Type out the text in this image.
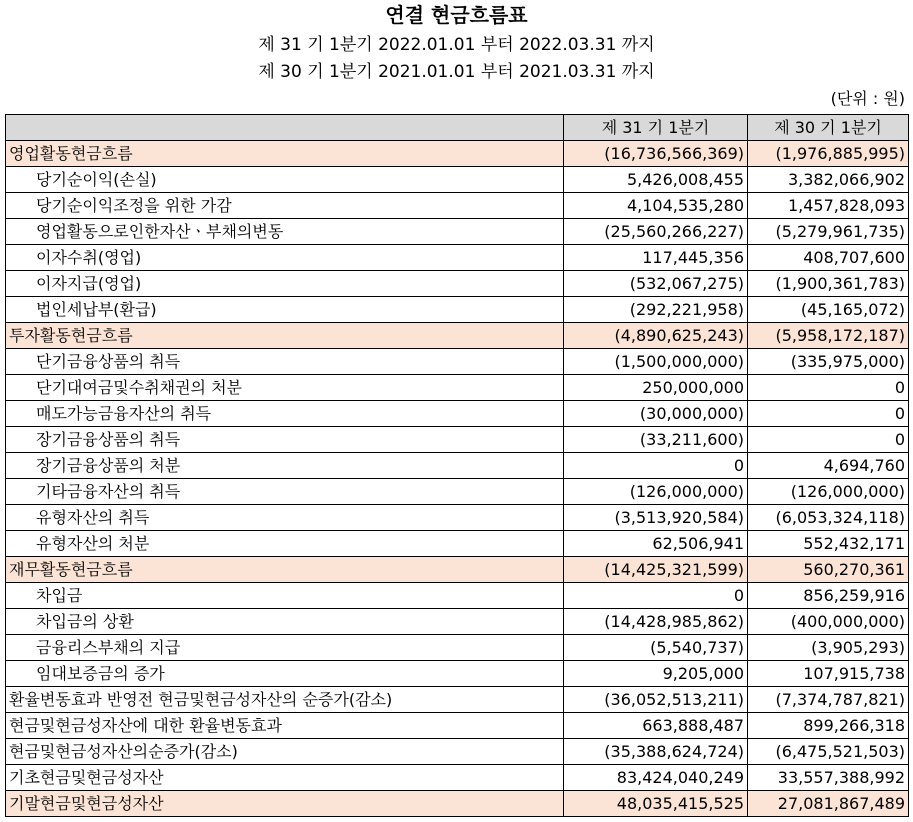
연결 현금흐름표
제 31 기 1분기 2022.01.01 부터 2022.03.31 까지
제 30 기 1분기 2021.01.01 부터 2021.03.31 까지
(단위 : 원)
	제 31 기 1분기	제 30 기 1분기
영업활동현금흐름	(16,736,566,369)	(1,976,885,995)
당기순이익(손실)	5,426,008,455	3,382,066,902
당기순이익조정을 위한 가감	4,104,535,280	1,457,828,093
영업활동으로인한자산ㆍ부채의변동	(25,560,266,227)	(5,279,961,735)
이자수취(영업)	117,445,356	408,707,600
이자지급(영업)	(532,067,275)	(1,900,361,783)
법인세납부(환급)	(292,221,958)	(45,165,072)
투자활동현금흐름	(4,890,625,243)	(5,958,172,187)
단기금융상품의 취득	(1,500,000,000)	(335,975,000)
단기대여금및수취채권의 처분	250,000,000	0
매도가능금융자산의 취득	(30,000,000)	0
장기금융상품의 취득	(33,211,600)	0
장기금융상품의 처분	0	4,694,760
기타금융자산의 취득	(126,000,000)	(126,000,000)
유형자산의 취득	(3,513,920,584)	(6,053,324,118)
유형자산의 처분	62,506,941	552,432,171
재무활동현금흐름	(14,425,321,599)	560,270,361
차입금	0	856,259,916
차입금의 상환	(14,428,985,862)	(400,000,000)
금융리스부채의 지급	(5,540,737)	(3,905,293)
임대보증금의 증가	9,205,000	107,915,738
환율변동효과 반영전 현금및현금성자산의 순증가(감소)	(36,052,513,211)	(7,374,787,821)
현금및현금성자산에 대한 환율변동효과	663,888,487	899,266,318
현금및현금성자산의순증가(감소)	(35,388,624,724)	(6,475,521,503)
기초현금및현금성자산	83,424,040,249	33,557,388,992
기말현금및현금성자산	48,035,415,525	27,081,867,489
